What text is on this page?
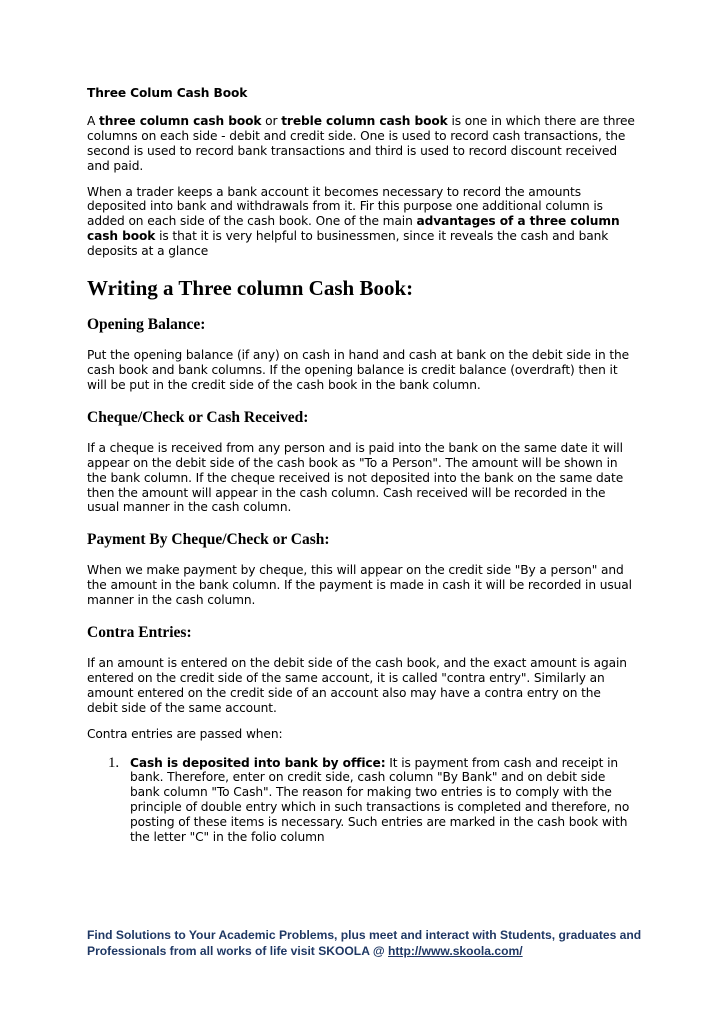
Three Colum Cash Book

A three column cash book or treble column cash book is one in which there are three columns on each side - debit and credit side. One is used to record cash transactions, the second is used to record bank transactions and third is used to record discount received and paid.

When a trader keeps a bank account it becomes necessary to record the amounts deposited into bank and withdrawals from it. Fir this purpose one additional column is added on each side of the cash book. One of the main advantages of a three column cash book is that it is very helpful to businessmen, since it reveals the cash and bank deposits at a glance

Writing a Three column Cash Book:
Opening Balance:

Put the opening balance (if any) on cash in hand and cash at bank on the debit side in the cash book and bank columns. If the opening balance is credit balance (overdraft) then it will be put in the credit side of the cash book in the bank column.

Cheque/Check or Cash Received:

If a cheque is received from any person and is paid into the bank on the same date it will appear on the debit side of the cash book as "To a Person". The amount will be shown in the bank column. If the cheque received is not deposited into the bank on the same date then the amount will appear in the cash column. Cash received will be recorded in the usual manner in the cash column.

Payment By Cheque/Check or Cash:

When we make payment by cheque, this will appear on the credit side "By a person" and the amount in the bank column. If the payment is made in cash it will be recorded in usual manner in the cash column.

Contra Entries:

If an amount is entered on the debit side of the cash book, and the exact amount is again entered on the credit side of the same account, it is called "contra entry". Similarly an amount entered on the credit side of an account also may have a contra entry on the debit side of the same account.

Contra entries are passed when:

1. Cash is deposited into bank by office: It is payment from cash and receipt in bank. Therefore, enter on credit side, cash column "By Bank" and on debit side bank column "To Cash". The reason for making two entries is to comply with the principle of double entry which in such transactions is completed and therefore, no posting of these items is necessary. Such entries are marked in the cash book with the letter "C" in the folio column
Find Solutions to Your Academic Problems, plus meet and interact with Students, graduates and Professionals from all works of life visit SKOOLA @ http://www.skoola.com/
